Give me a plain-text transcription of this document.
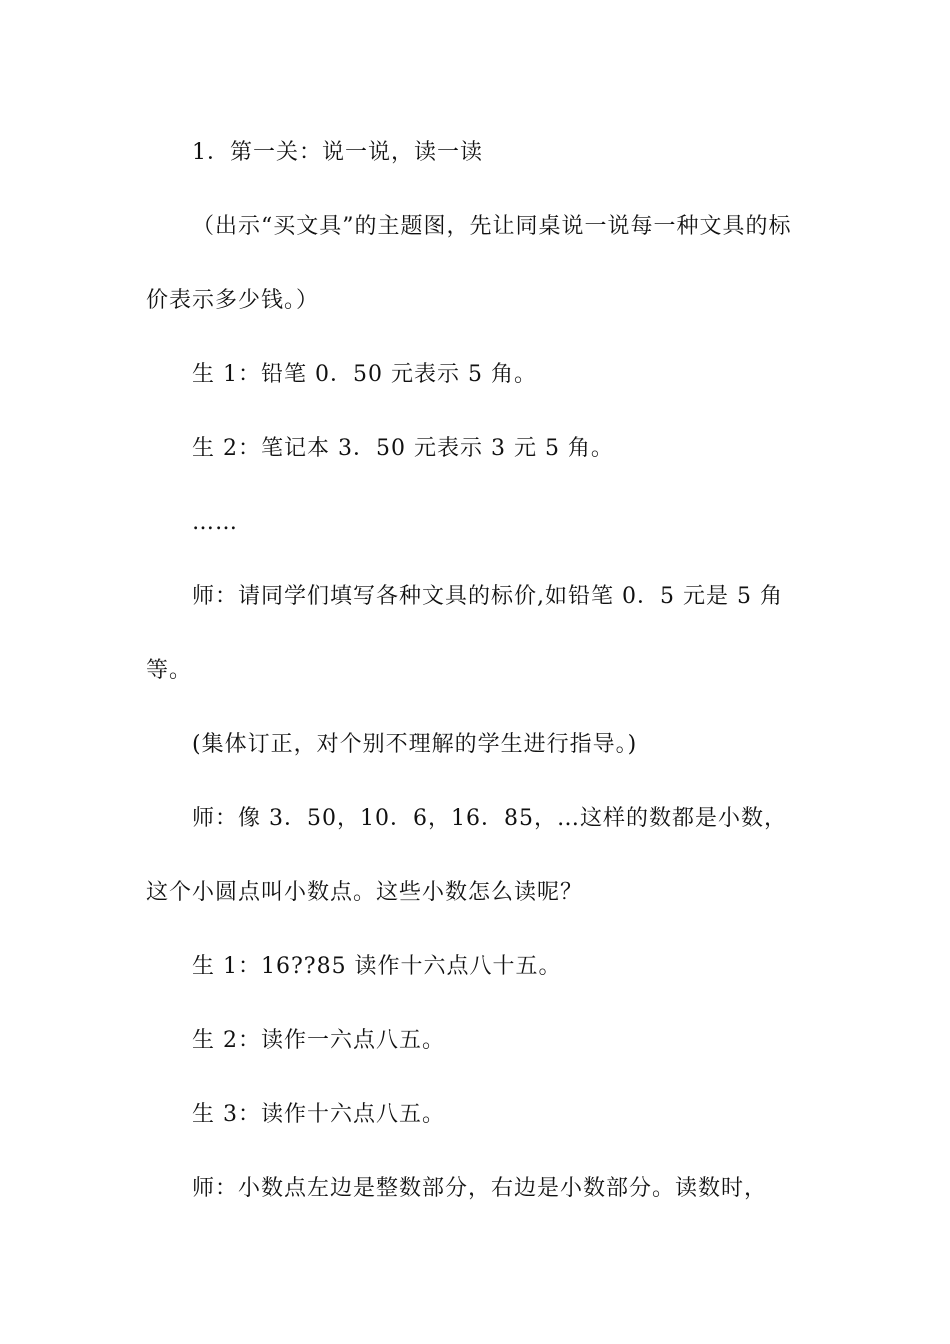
1．第一关：说一说，读一读

（出示“买文具”的主题图，先让同桌说一说每一种文具的标价表示多少钱。）

生 1：铅笔 0．50 元表示 5 角。

生 2：笔记本 3．50 元表示 3 元 5 角。

……

师：请同学们填写各种文具的标价,如铅笔 0．5 元是 5 角等。

(集体订正，对个别不理解的学生进行指导。)

师：像 3．50，10．6，16．85，…这样的数都是小数，这个小圆点叫小数点。这些小数怎么读呢？

生 1：16??85 读作十六点八十五。

生 2：读作一六点八五。

生 3：读作十六点八五。

师：小数点左边是整数部分，右边是小数部分。读数时，
